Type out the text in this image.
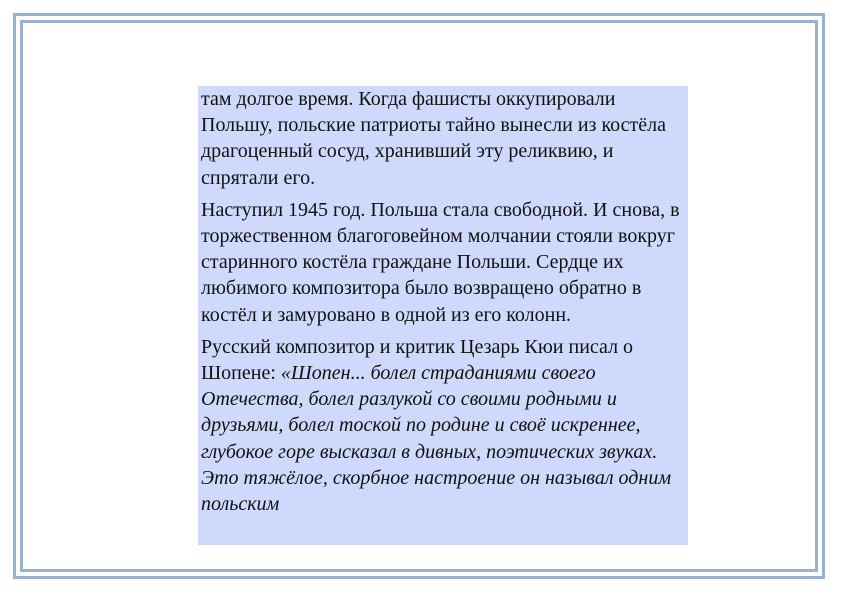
там долгое время. Когда фашисты оккупировали Польшу, польские патриоты тайно вынесли из костёла драгоценный сосуд, хранивший эту реликвию, и спрятали его.

Наступил 1945 год. Польша стала свободной. И снова, в торжественном благоговейном молчании стояли вокруг старинного костёла граждане Польши. Сердце их любимого композитора было возвращено обратно в костёл и замуровано в одной из его колонн.

Русский композитор и критик Цезарь Кюи писал о Шопене: «Шопен... болел страданиями своего Отечества, болел разлукой со своими родными и друзьями, болел тоской по родине и своё искреннее, глубокое горе высказал в дивных, поэтических звуках. Это тяжёлое, скорбное настроение он называл одним польским
